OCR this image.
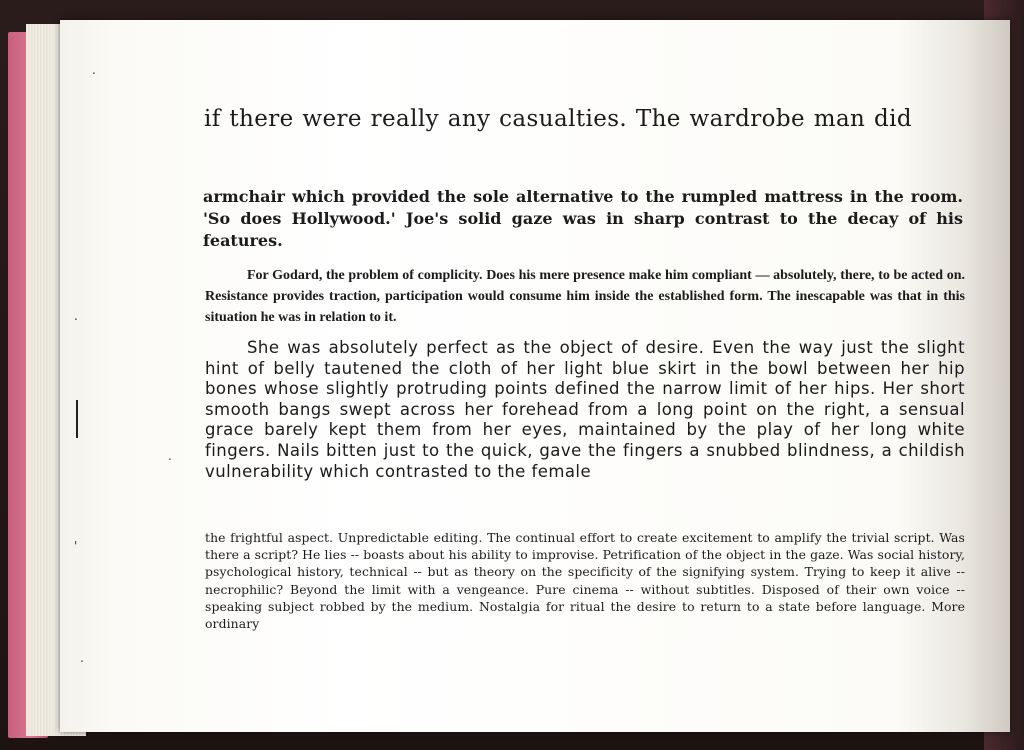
.
.
'
.
.

if there were really any casualties. The wardrobe man did

armchair which provided the sole alternative to the rumpled mattress in the room. 'So does Hollywood.' Joe's solid gaze was in sharp contrast to the decay of his features.

For Godard, the problem of complicity. Does his mere presence make him compliant — absolutely, there, to be acted on. Resistance provides traction, participation would consume him inside the established form. The inescapable was that in this situation he was in relation to it.

She was absolutely perfect as the object of desire. Even the way just the slight hint of belly tautened the cloth of her light blue skirt in the bowl between her hip bones whose slightly protruding points defined the narrow limit of her hips. Her short smooth bangs swept across her forehead from a long point on the right, a sensual grace barely kept them from her eyes, maintained by the play of her long white fingers. Nails bitten just to the quick, gave the fingers a snubbed blindness, a childish vulnerability which contrasted to the female

the frightful aspect. Unpredictable editing. The continual effort to create excitement to amplify the trivial script. Was there a script? He lies -- boasts about his ability to improvise. Petrification of the object in the gaze. Was social history, psychological history, technical -- but as theory on the specificity of the signifying system. Trying to keep it alive -- necrophilic? Beyond the limit with a vengeance. Pure cinema -- without subtitles. Disposed of their own voice -- speaking subject robbed by the medium. Nostalgia for ritual the desire to return to a state before language. More ordinary
